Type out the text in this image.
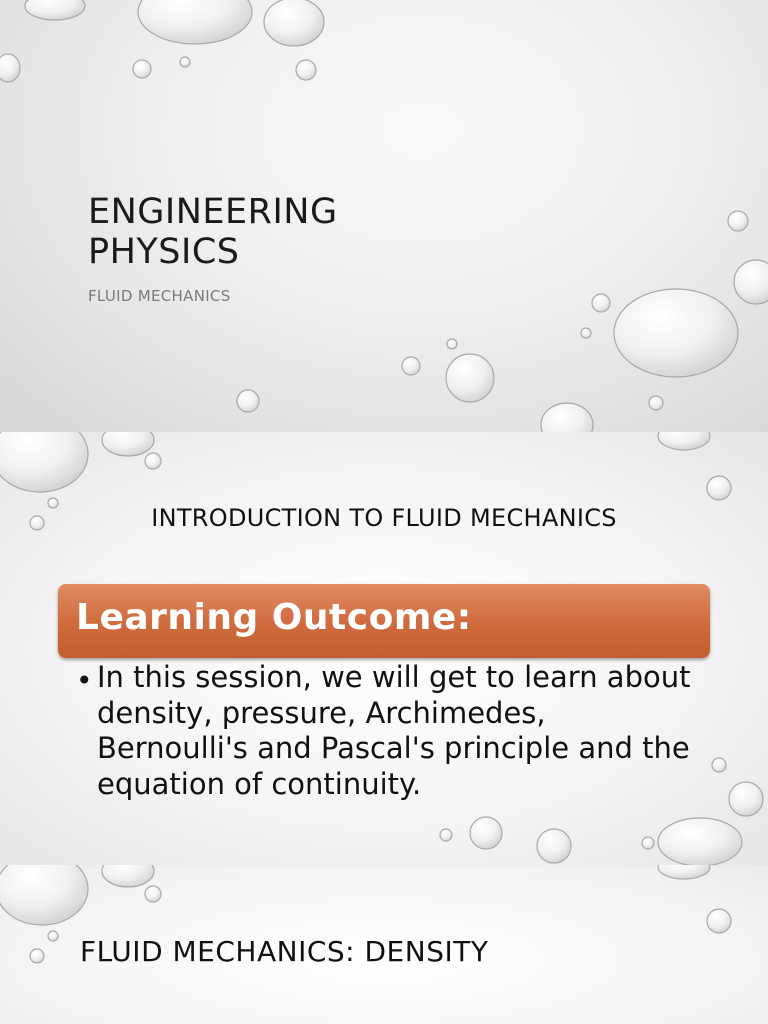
ENGINEERING PHYSICS
FLUID MECHANICS
INTRODUCTION TO FLUID MECHANICS
Learning Outcome:
• In this session, we will get to learn about density, pressure, Archimedes, Bernoulli's and Pascal's principle and the equation of continuity.
FLUID MECHANICS: DENSITY
